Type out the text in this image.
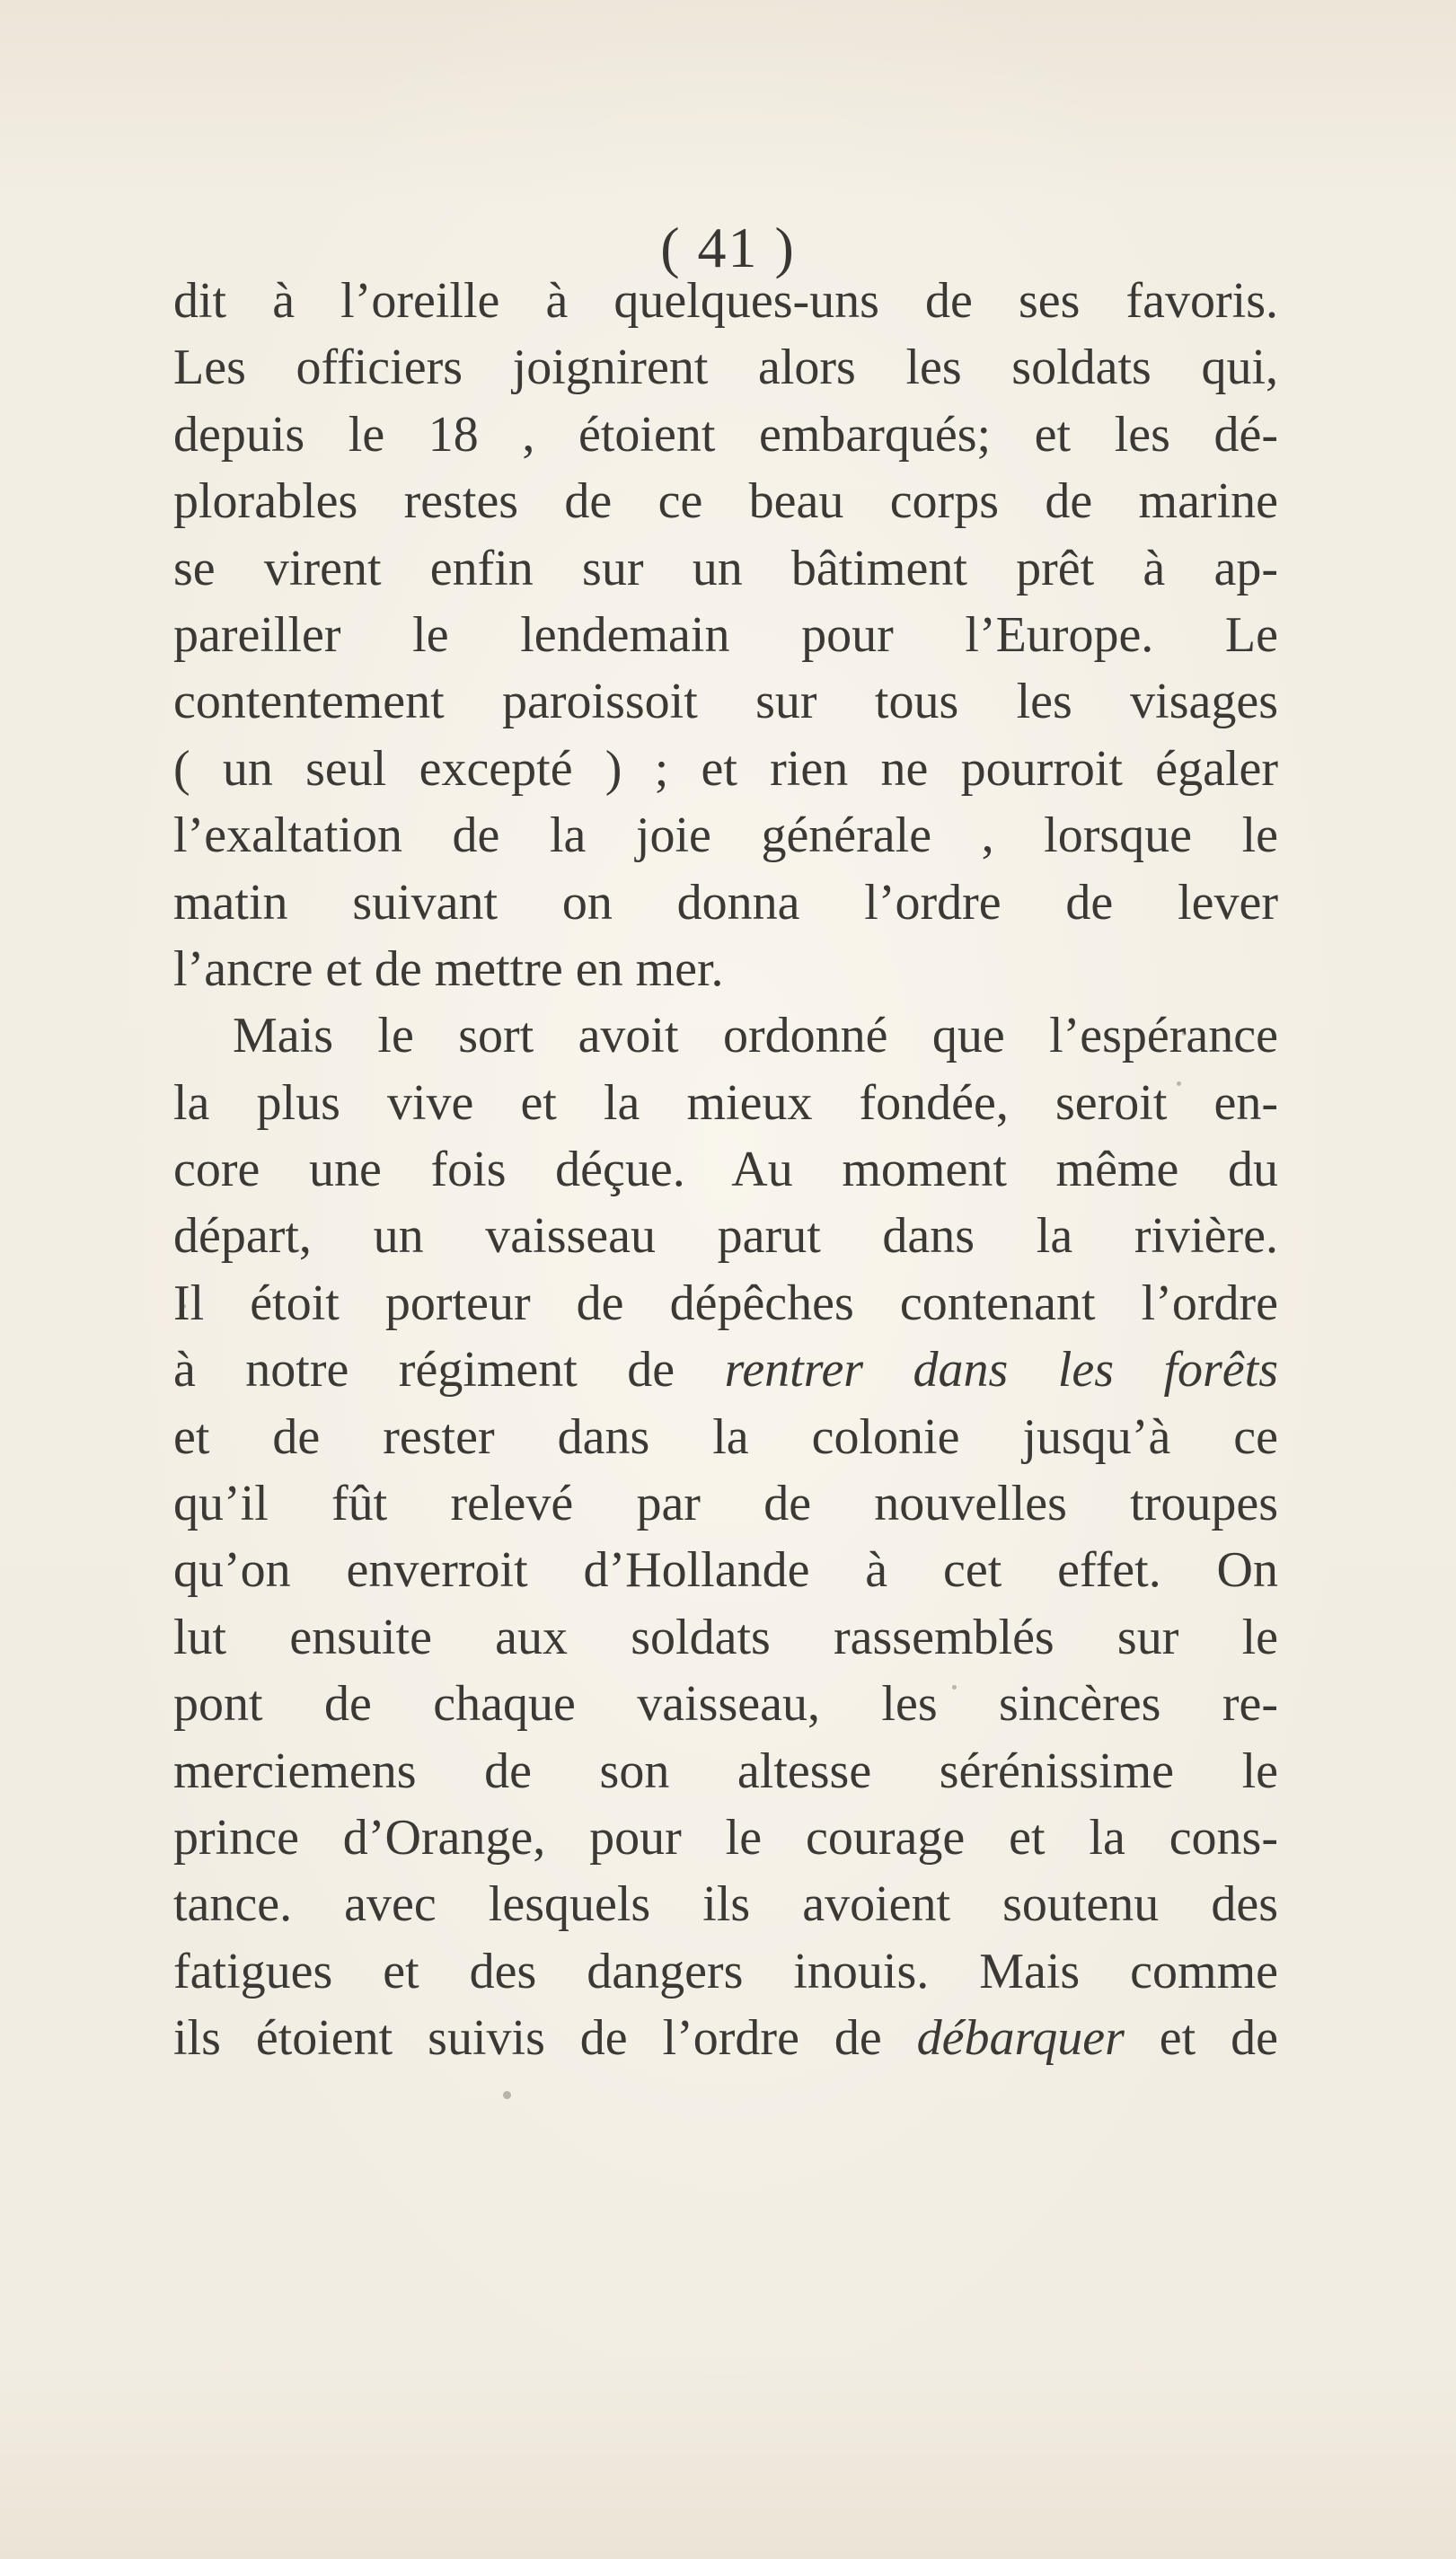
( 41 )
dit à l’oreille à quelques-uns de ses favoris.
Les officiers joignirent alors les soldats qui,
depuis le 18 , étoient embarqués; et les dé-
plorables restes de ce beau corps de marine
se virent enfin sur un bâtiment prêt à ap-
pareiller le lendemain pour l’Europe. Le
contentement paroissoit sur tous les visages
( un seul excepté ) ; et rien ne pourroit égaler
l’exaltation de la joie générale , lorsque le
matin suivant on donna l’ordre de lever
l’ancre et de mettre en mer.
Mais le sort avoit ordonné que l’espérance
la plus vive et la mieux fondée, seroit en-
core une fois déçue. Au moment même du
départ, un vaisseau parut dans la rivière.
Il étoit porteur de dépêches contenant l’ordre
à notre régiment de rentrer dans les forêts
et de rester dans la colonie jusqu’à ce
qu’il fût relevé par de nouvelles troupes
qu’on enverroit d’Hollande à cet effet. On
lut ensuite aux soldats rassemblés sur le
pont de chaque vaisseau, les sincères re-
merciemens de son altesse sérénissime le
prince d’Orange, pour le courage et la cons-
tance. avec lesquels ils avoient soutenu des
fatigues et des dangers inouis. Mais comme
ils étoient suivis de l’ordre de débarquer et de
